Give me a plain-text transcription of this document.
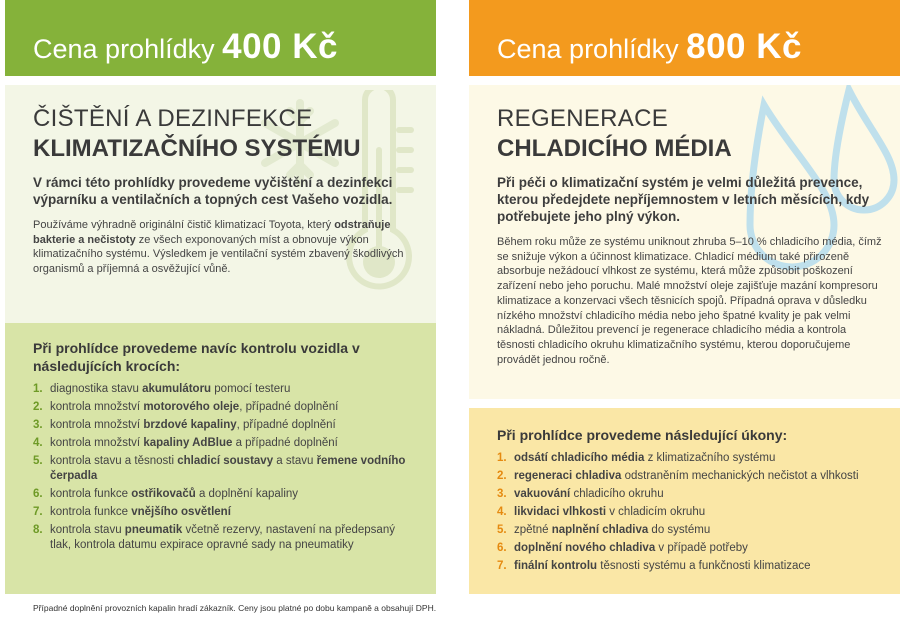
Cena prohlídky 400 Kč
ČIŠTĚNÍ A DEZINFEKCE
KLIMATIZAČNÍHO SYSTÉMU
V rámci této prohlídky provedeme vyčištění a dezinfekci výparníku a ventilačních a topných cest Vašeho vozidla.
Používáme výhradně originální čistič klimatizací Toyota, který odstraňuje bakterie a nečistoty ze všech exponovaných míst a obnovuje výkon klimatizačního systému. Výsledkem je ventilační systém zbavený škodlivých organismů a příjemná a osvěžující vůně.
Při prohlídce provedeme navíc kontrolu vozidla v následujících krocích:
1. diagnostika stavu akumulátoru pomocí testeru
2. kontrola množství motorového oleje, případné doplnění
3. kontrola množství brzdové kapaliny, případné doplnění
4. kontrola množství kapaliny AdBlue a případné doplnění
5. kontrola stavu a těsnosti chladicí soustavy a stavu řemene vodního čerpadla
6. kontrola funkce ostřikovačů a doplnění kapaliny
7. kontrola funkce vnějšího osvětlení
8. kontrola stavu pneumatik včetně rezervy, nastavení na předepsaný tlak, kontrola datumu expirace opravné sady na pneumatiky
Cena prohlídky 800 Kč
REGENERACE
CHLADICÍHO MÉDIA
Při péči o klimatizační systém je velmi důležitá prevence, kterou předejdete nepříjemnostem v letních měsících, kdy potřebujete jeho plný výkon.
Během roku může ze systému uniknout zhruba 5–10 % chladicího média, čímž se snižuje výkon a účinnost klimatizace. Chladicí médium také přirozeně absorbuje nežádoucí vlhkost ze systému, která může způsobit poškození zařízení nebo jeho poruchu. Malé množství oleje zajišťuje mazání kompresoru klimatizace a konzervaci všech těsnicích spojů. Případná oprava v důsledku nízkého množství chladicího média nebo jeho špatné kvality je pak velmi nákladná. Důležitou prevencí je regenerace chladicího média a kontrola těsnosti chladicího okruhu klimatizačního systému, kterou doporučujeme provádět jednou ročně.
Při prohlídce provedeme následující úkony:
1. odsátí chladicího média z klimatizačního systému
2. regeneraci chladiva odstraněním mechanických nečistot a vlhkosti
3. vakuování chladicího okruhu
4. likvidaci vlhkosti v chladicím okruhu
5. zpětné naplnění chladiva do systému
6. doplnění nového chladiva v případě potřeby
7. finální kontrolu těsnosti systému a funkčnosti klimatizace
Případné doplnění provozních kapalin hradí zákazník. Ceny jsou platné po dobu kampaně a obsahují DPH.
